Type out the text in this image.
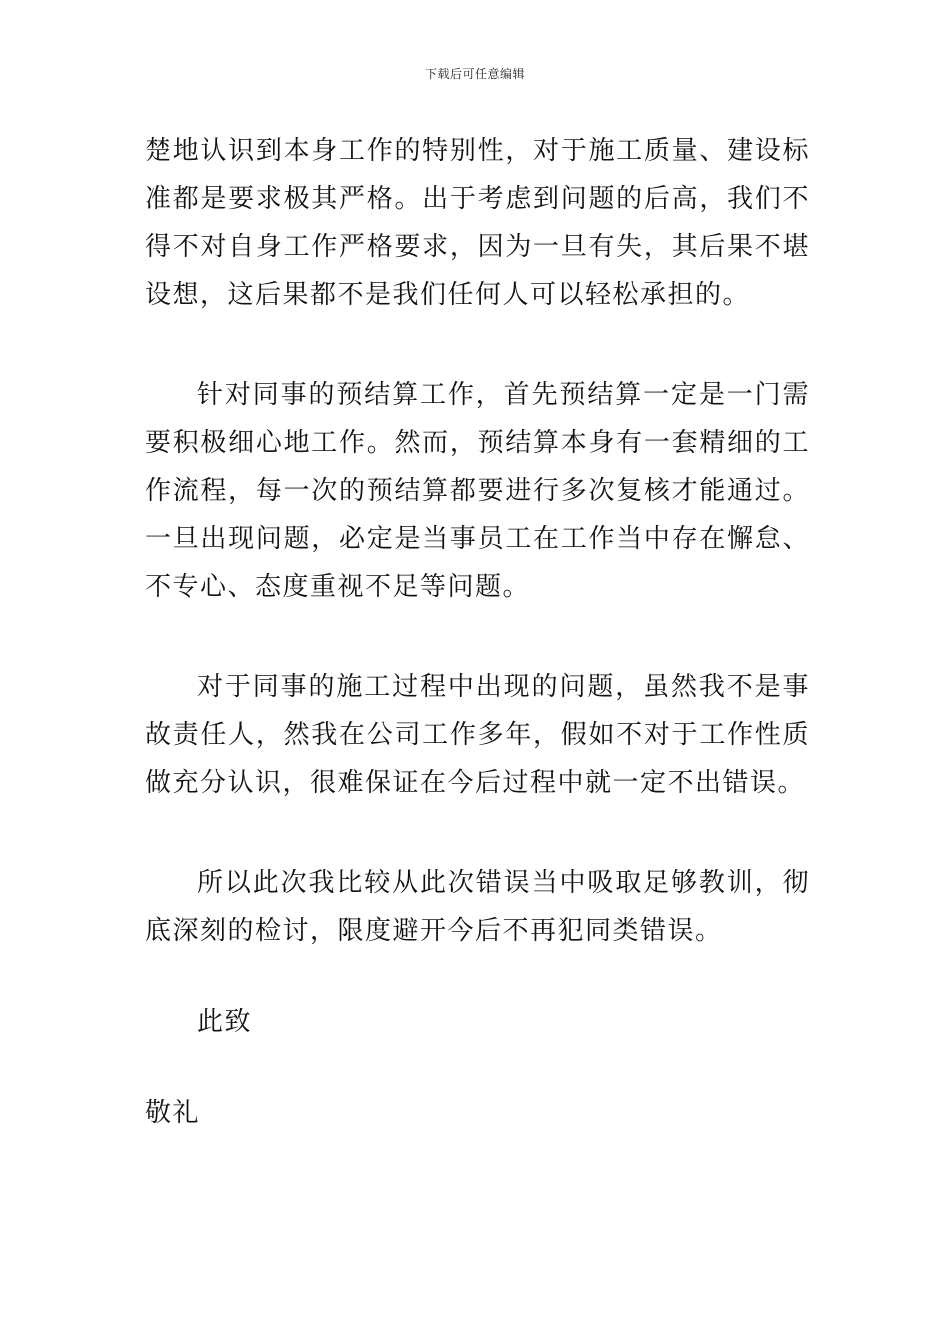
下载后可任意编辑

楚地认识到本身工作的特别性，对于施工质量、建设标准都是要求极其严格。出于考虑到问题的后高，我们不得不对自身工作严格要求，因为一旦有失，其后果不堪设想，这后果都不是我们任何人可以轻松承担的。

针对同事的预结算工作，首先预结算一定是一门需要积极细心地工作。然而，预结算本身有一套精细的工作流程，每一次的预结算都要进行多次复核才能通过。一旦出现问题，必定是当事员工在工作当中存在懈怠、不专心、态度重视不足等问题。

对于同事的施工过程中出现的问题，虽然我不是事故责任人，然我在公司工作多年，假如不对于工作性质做充分认识，很难保证在今后过程中就一定不出错误。

所以此次我比较从此次错误当中吸取足够教训，彻底深刻的检讨，限度避开今后不再犯同类错误。

此致

敬礼
